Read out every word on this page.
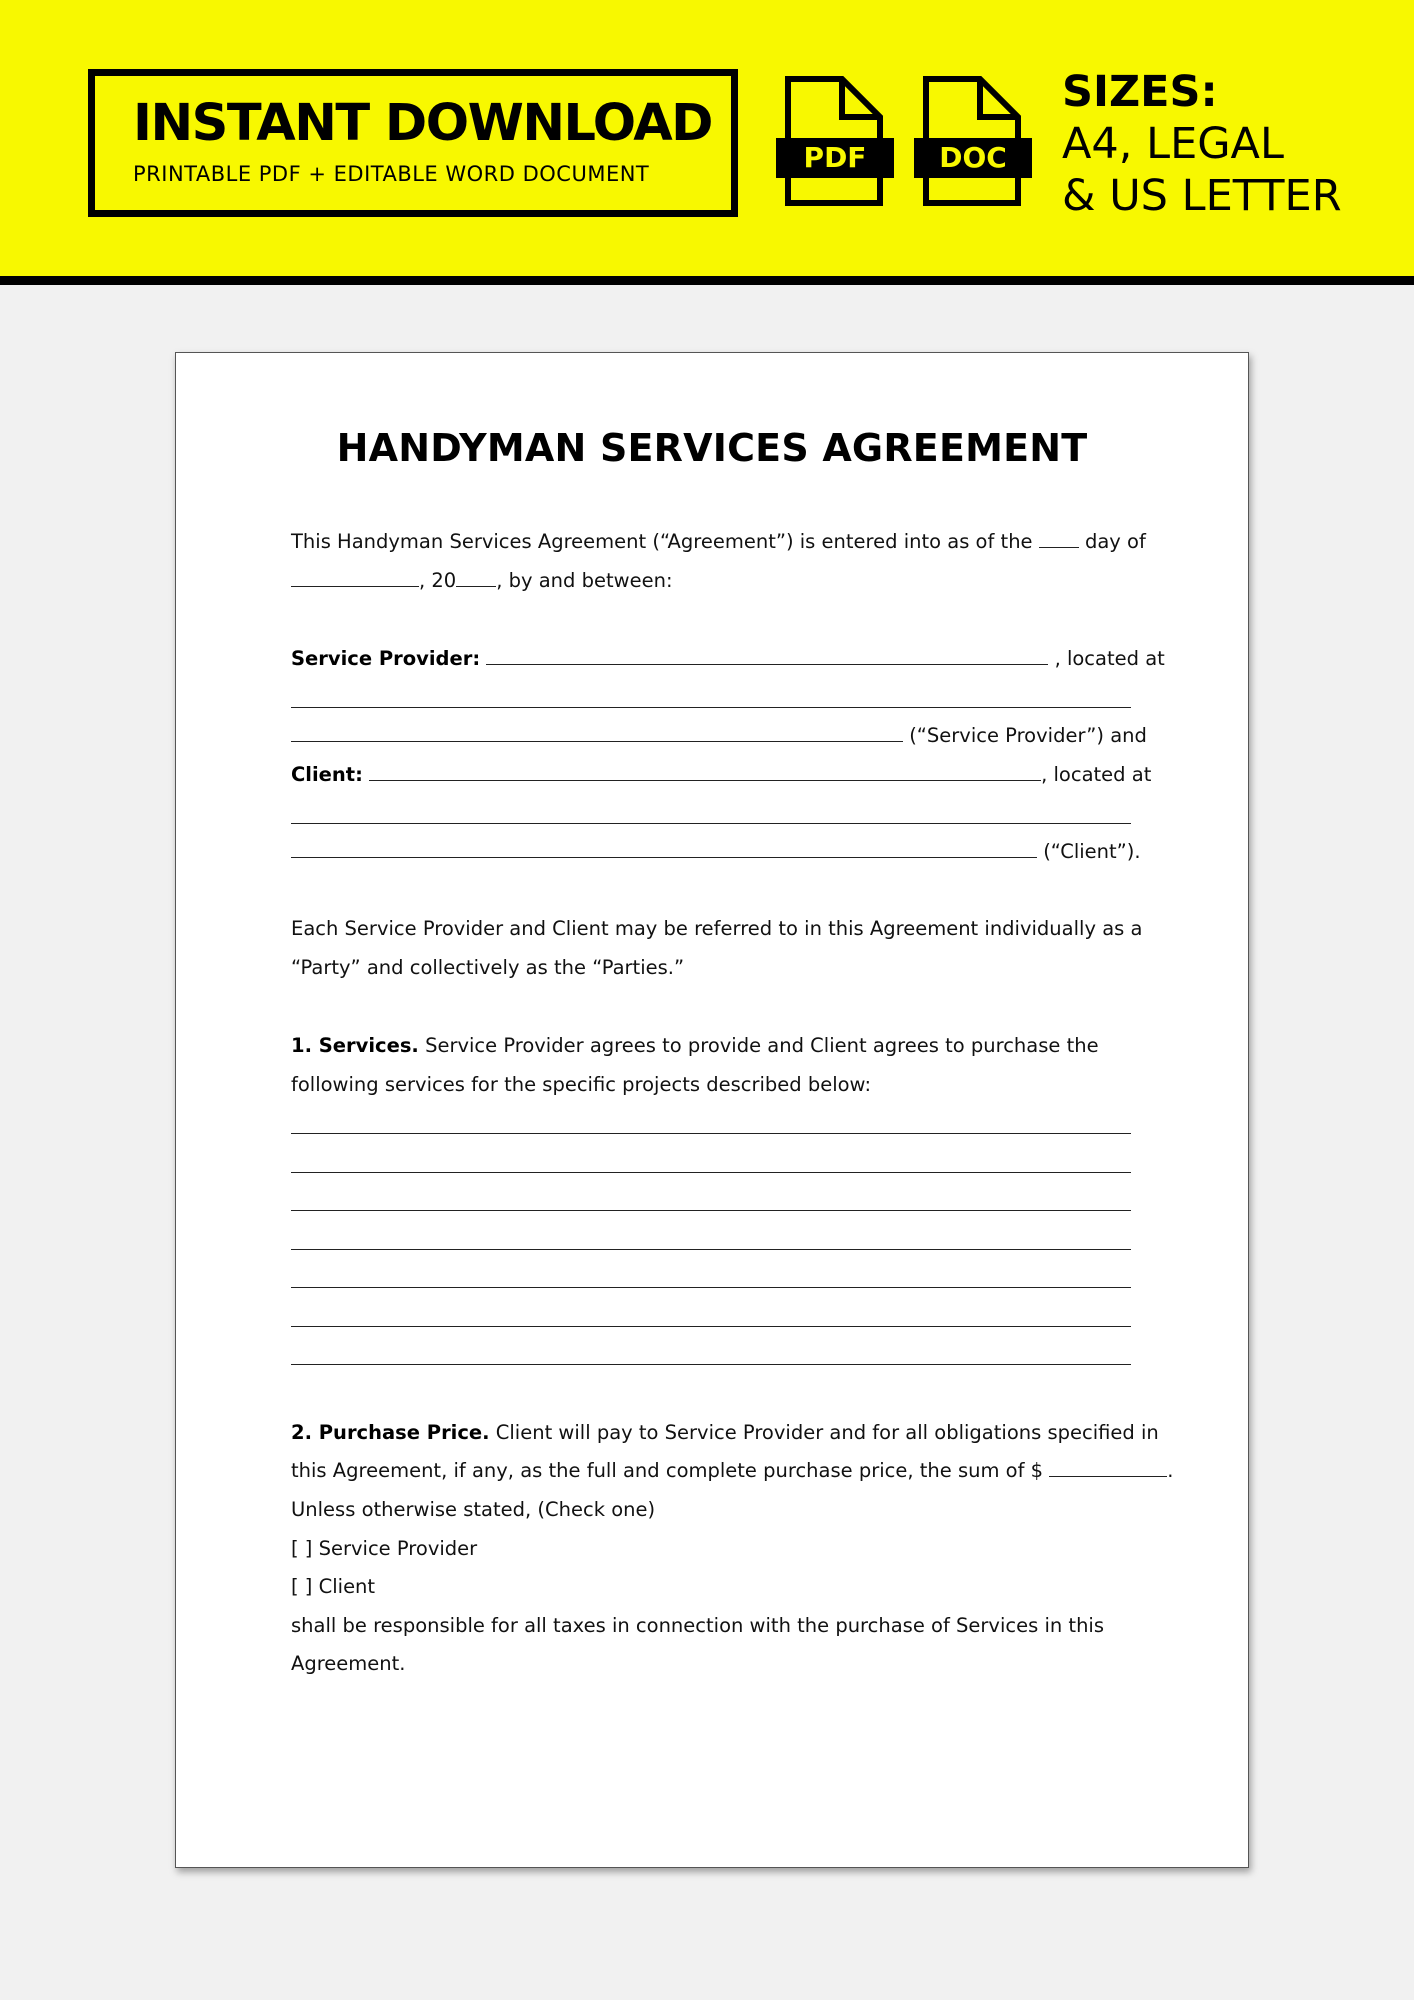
INSTANT DOWNLOAD
PRINTABLE PDF + EDITABLE WORD DOCUMENT	PDF	DOC
SIZES:
A4, LEGAL
& US LETTER
HANDYMAN SERVICES AGREEMENT
This Handyman Services Agreement (“Agreement”) is entered into as of the	day of
, 20 , by and between:
Service Provider:	, located at
(“Service Provider”) and
Client:	, located at
(“Client”).
Each Service Provider and Client may be referred to in this Agreement individually as a
“Party” and collectively as the “Parties.”
1. Services. Service Provider agrees to provide and Client agrees to purchase the
following services for the specific projects described below:
2. Purchase Price. Client will pay to Service Provider and for all obligations specified in
this Agreement, if any, as the full and complete purchase price, the sum of $	.
Unless otherwise stated, (Check one)
[ ] Service Provider
[ ] Client
shall be responsible for all taxes in connection with the purchase of Services in this
Agreement.
